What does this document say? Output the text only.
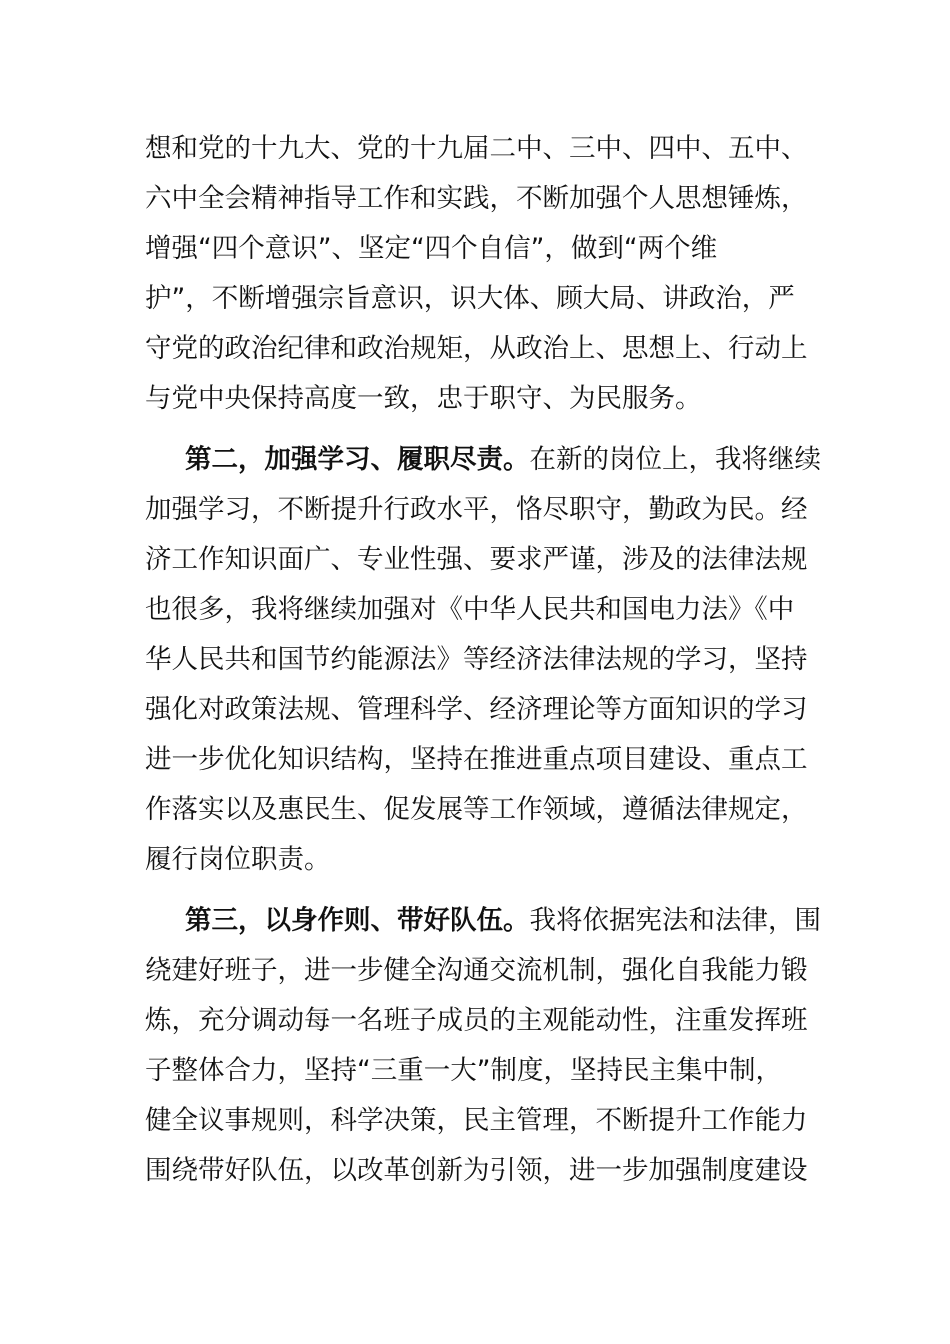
想和党的十九大、党的十九届二中、三中、四中、五中、
六中全会精神指导工作和实践，不断加强个人思想锤炼，
增强“四个意识”、坚定“四个自信”，做到“两个维
护”，不断增强宗旨意识，识大体、顾大局、讲政治，严
守党的政治纪律和政治规矩，从政治上、思想上、行动上
与党中央保持高度一致，忠于职守、为民服务。
第二，加强学习、履职尽责。在新的岗位上，我将继续
加强学习，不断提升行政水平，恪尽职守，勤政为民。经
济工作知识面广、专业性强、要求严谨，涉及的法律法规
也很多，我将继续加强对《中华人民共和国电力法》《中
华人民共和国节约能源法》等经济法律法规的学习，坚持
强化对政策法规、管理科学、经济理论等方面知识的学习
进一步优化知识结构，坚持在推进重点项目建设、重点工
作落实以及惠民生、促发展等工作领域，遵循法律规定，
履行岗位职责。
第三，以身作则、带好队伍。我将依据宪法和法律，围
绕建好班子，进一步健全沟通交流机制，强化自我能力锻
炼，充分调动每一名班子成员的主观能动性，注重发挥班
子整体合力，坚持“三重一大”制度，坚持民主集中制，
健全议事规则，科学决策，民主管理，不断提升工作能力
围绕带好队伍，以改革创新为引领，进一步加强制度建设
